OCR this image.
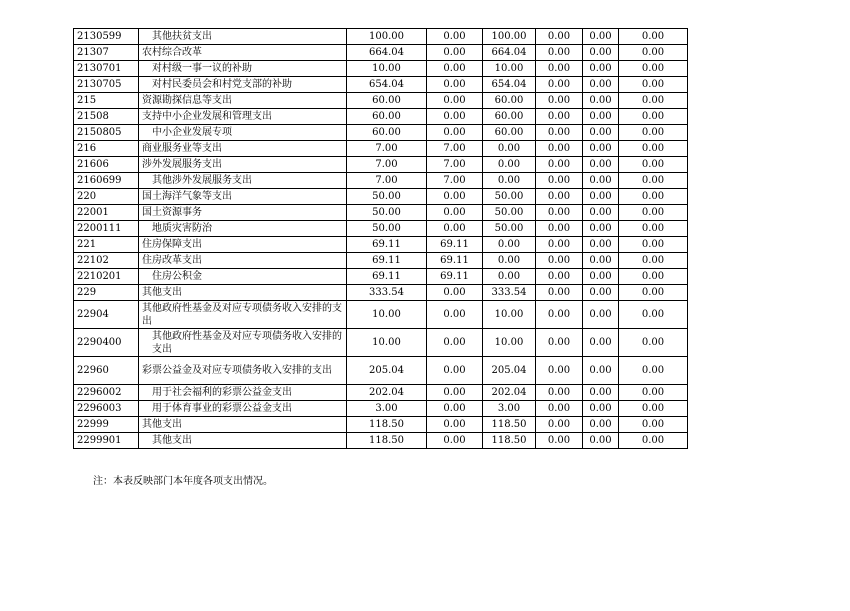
2130599	其他扶贫支出	100.00	0.00	100.00	0.00	0.00	0.00
21307	农村综合改革	664.04	0.00	664.04	0.00	0.00	0.00
2130701	对村级一事一议的补助	10.00	0.00	10.00	0.00	0.00	0.00
2130705	对村民委员会和村党支部的补助	654.04	0.00	654.04	0.00	0.00	0.00
215	资源勘探信息等支出	60.00	0.00	60.00	0.00	0.00	0.00
21508	支持中小企业发展和管理支出	60.00	0.00	60.00	0.00	0.00	0.00
2150805	中小企业发展专项	60.00	0.00	60.00	0.00	0.00	0.00
216	商业服务业等支出	7.00	7.00	0.00	0.00	0.00	0.00
21606	涉外发展服务支出	7.00	7.00	0.00	0.00	0.00	0.00
2160699	其他涉外发展服务支出	7.00	7.00	0.00	0.00	0.00	0.00
220	国土海洋气象等支出	50.00	0.00	50.00	0.00	0.00	0.00
22001	国土资源事务	50.00	0.00	50.00	0.00	0.00	0.00
2200111	地质灾害防治	50.00	0.00	50.00	0.00	0.00	0.00
221	住房保障支出	69.11	69.11	0.00	0.00	0.00	0.00
22102	住房改革支出	69.11	69.11	0.00	0.00	0.00	0.00
2210201	住房公积金	69.11	69.11	0.00	0.00	0.00	0.00
229	其他支出	333.54	0.00	333.54	0.00	0.00	0.00
22904	其他政府性基金及对应专项债务收入安排的支出	10.00	0.00	10.00	0.00	0.00	0.00
2290400	其他政府性基金及对应专项债务收入安排的支出	10.00	0.00	10.00	0.00	0.00	0.00
22960	彩票公益金及对应专项债务收入安排的支出	205.04	0.00	205.04	0.00	0.00	0.00
2296002	用于社会福利的彩票公益金支出	202.04	0.00	202.04	0.00	0.00	0.00
2296003	用于体育事业的彩票公益金支出	3.00	0.00	3.00	0.00	0.00	0.00
22999	其他支出	118.50	0.00	118.50	0.00	0.00	0.00
2299901	其他支出	118.50	0.00	118.50	0.00	0.00	0.00
注：本表反映部门本年度各项支出情况。
